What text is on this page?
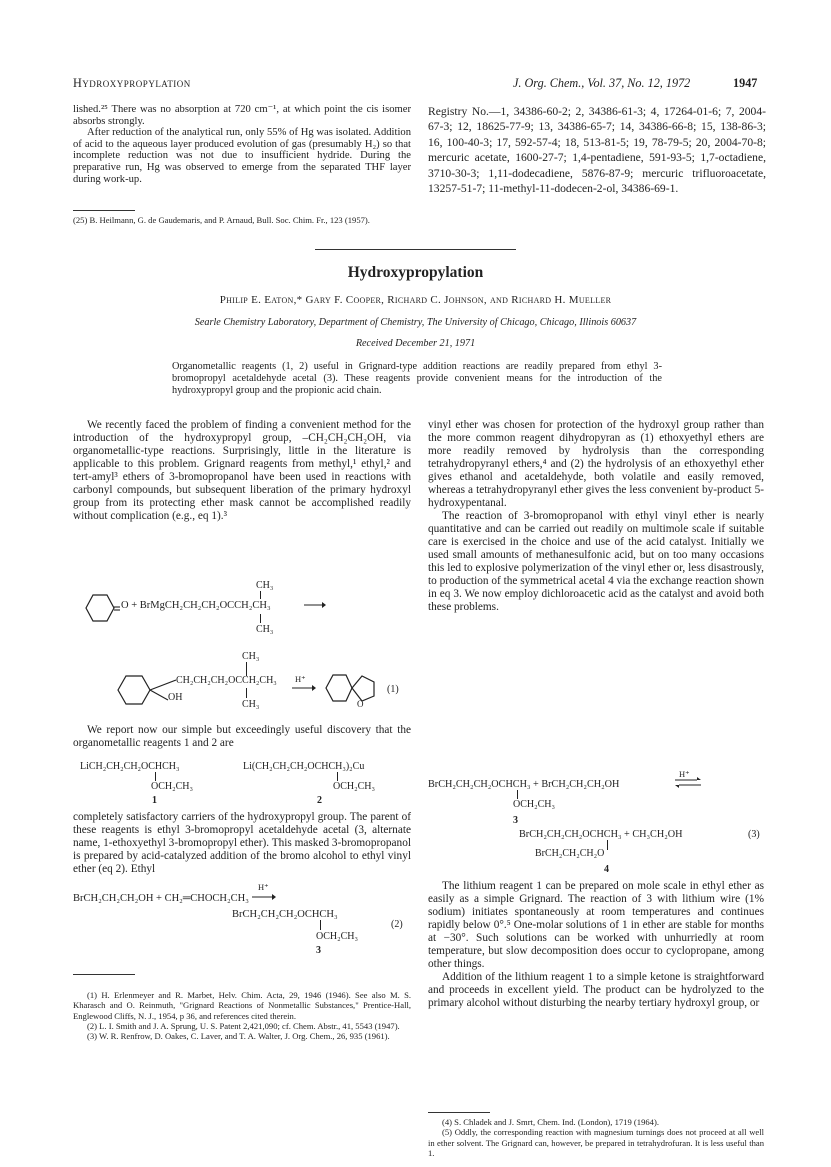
Hydroxypropylation	J. Org. Chem., Vol. 37, No. 12, 1972	1947

lished.²⁵ There was no absorption at 720 cm⁻¹, at which point the cis isomer absorbs strongly.

After reduction of the analytical run, only 55% of Hg was isolated. Addition of acid to the aqueous layer produced evolution of gas (presumably H₂) so that incomplete reduction was not due to insufficient hydride. During the preparative run, Hg was observed to emerge from the separated THF layer during work-up.

(25) B. Heilmann, G. de Gaudemaris, and P. Arnaud, Bull. Soc. Chim. Fr., 123 (1957).
Registry No.—1, 34386-60-2; 2, 34386-61-3; 4, 17264-01-6; 7, 2004-67-3; 12, 18625-77-9; 13, 34386-65-7; 14, 34386-66-8; 15, 138-86-3; 16, 100-40-3; 17, 592-57-4; 18, 513-81-5; 19, 78-79-5; 20, 2004-70-8; mercuric acetate, 1600-27-7; 1,4-pentadiene, 591-93-5; 1,7-octadiene, 3710-30-3; 1,11-dodecadiene, 5876-87-9; mercuric trifluoroacetate, 13257-51-7; 11-methyl-11-dodecen-2-ol, 34386-69-1.
Hydroxypropylation
Philip E. Eaton,* Gary F. Cooper, Richard C. Johnson, and Richard H. Mueller
Searle Chemistry Laboratory, Department of Chemistry, The University of Chicago, Chicago, Illinois 60637
Received December 21, 1971
Organometallic reagents (1, 2) useful in Grignard-type addition reactions are readily prepared from ethyl 3-bromopropyl acetaldehyde acetal (3). These reagents provide convenient means for the introduction of the hydroxypropyl group and the propionic acid chain.

We recently faced the problem of finding a convenient method for the introduction of the hydroxypropyl group, –CH₂CH₂CH₂OH, via organometallic-type reactions. Surprisingly, little in the literature is applicable to this problem. Grignard reagents from methyl,¹ ethyl,² and tert-amyl³ ethers of 3-bromopropanol have been used in reactions with carbonyl compounds, but subsequent liberation of the primary hydroxyl group from its protecting ether mask cannot be accomplished readily without complication (e.g., eq 1).³

O + BrMgCH₂CH₂CH₂OCCH₂CH₃
CH₃
CH₃
CH₃
CH₂CH₂CH₂OCCH₂CH₃
OH
CH₃
H⁺
O
(1)

We report now our simple but exceedingly useful discovery that the organometallic reagents 1 and 2 are

LiCH₂CH₂CH₂OCHCH₃
OCH₂CH₃
1
Li(CH₂CH₂CH₂OCHCH₃)₂Cu
OCH₂CH₃
2

completely satisfactory carriers of the hydroxypropyl group. The parent of these reagents is ethyl 3-bromopropyl acetaldehyde acetal (3, alternate name, 1-ethoxyethyl 3-bromopropyl ether). This masked 3-bromopropanol is prepared by acid-catalyzed addition of the bromo alcohol to ethyl vinyl ether (eq 2). Ethyl

H⁺
BrCH₂CH₂CH₂OH + CH₂═CHOCH₂CH₃
BrCH₂CH₂CH₂OCHCH₃
OCH₂CH₃
(2)
3

(1) H. Erlenmeyer and R. Marbet, Helv. Chim. Acta, 29, 1946 (1946). See also M. S. Kharasch and O. Reinmuth, "Grignard Reactions of Nonmetallic Substances," Prentice-Hall, Englewood Cliffs, N. J., 1954, p 36, and references cited therein.

(2) L. I. Smith and J. A. Sprung, U. S. Patent 2,421,090; cf. Chem. Abstr., 41, 5543 (1947).

(3) W. R. Renfrow, D. Oakes, C. Laver, and T. A. Walter, J. Org. Chem., 26, 935 (1961).

vinyl ether was chosen for protection of the hydroxyl group rather than the more common reagent dihydropyran as (1) ethoxyethyl ethers are more readily removed by hydrolysis than the corresponding tetrahydropyranyl ethers,⁴ and (2) the hydrolysis of an ethoxyethyl ether gives ethanol and acetaldehyde, both volatile and easily removed, whereas a tetrahydropyranyl ether gives the less convenient by-product 5-hydroxypentanal.

The reaction of 3-bromopropanol with ethyl vinyl ether is nearly quantitative and can be carried out readily on multimole scale if suitable care is exercised in the choice and use of the acid catalyst. Initially we used small amounts of methanesulfonic acid, but on too many occasions this led to explosive polymerization of the vinyl ether or, less disastrously, to production of the symmetrical acetal 4 via the exchange reaction shown in eq 3. We now employ dichloroacetic acid as the catalyst and avoid both these problems.

H⁺
BrCH₂CH₂CH₂OCHCH₃ + BrCH₂CH₂CH₂OH
OCH₂CH₃
3
BrCH₂CH₂CH₂OCHCH₃ + CH₃CH₂OH	(3)
BrCH₂CH₂CH₂O
4

The lithium reagent 1 can be prepared on mole scale in ethyl ether as easily as a simple Grignard. The reaction of 3 with lithium wire (1% sodium) initiates spontaneously at room temperatures and continues rapidly below 0°.⁵ One-molar solutions of 1 in ether are stable for months at −30°. Such solutions can be worked with unhurriedly at room temperature, but slow decomposition does occur to cyclopropane, among other things.

Addition of the lithium reagent 1 to a simple ketone is straightforward and proceeds in excellent yield. The product can be hydrolyzed to the primary alcohol without disturbing the nearby tertiary hydroxyl group, or

(4) S. Chladek and J. Smrt, Chem. Ind. (London), 1719 (1964).

(5) Oddly, the corresponding reaction with magnesium turnings does not proceed at all well in ether solvent. The Grignard can, however, be prepared in tetrahydrofuran. It is less useful than 1.
